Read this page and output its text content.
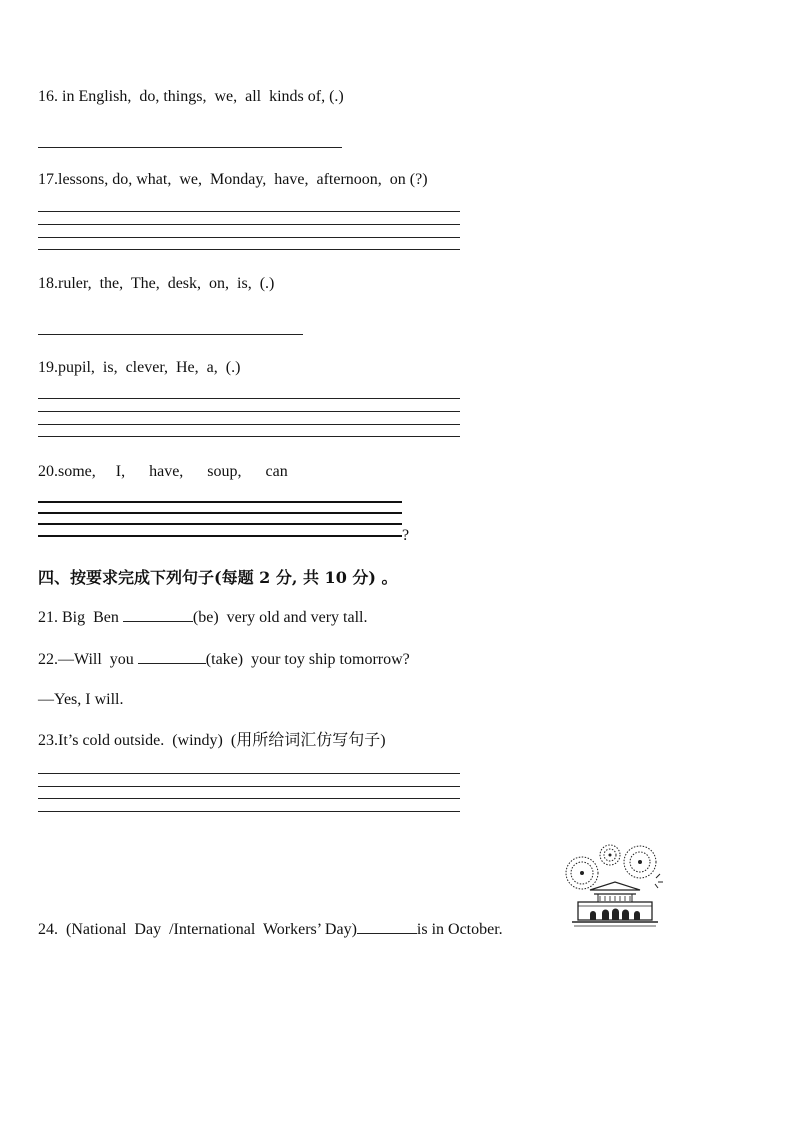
16. in English,  do, things,  we,  all  kinds of, (.)
17.lessons, do, what,  we,  Monday,  have,  afternoon,  on (?)
18.ruler,  the,  The,  desk,  on,  is,  (.)
19.pupil,  is,  clever,  He,  a,  (.)
20.some,     I,      have,      soup,      can
?
四、按要求完成下列句子(每题 2 分, 共 10 分) 。
21. Big  Ben	(be)  very old and very tall.
22.—Will  you	(take)  your toy ship tomorrow?
—Yes, I will.
23.It’s cold outside.  (windy)  (用所给词汇仿写句子)
24.  (National  Day  /International  Workers’ Day)	is in October.
